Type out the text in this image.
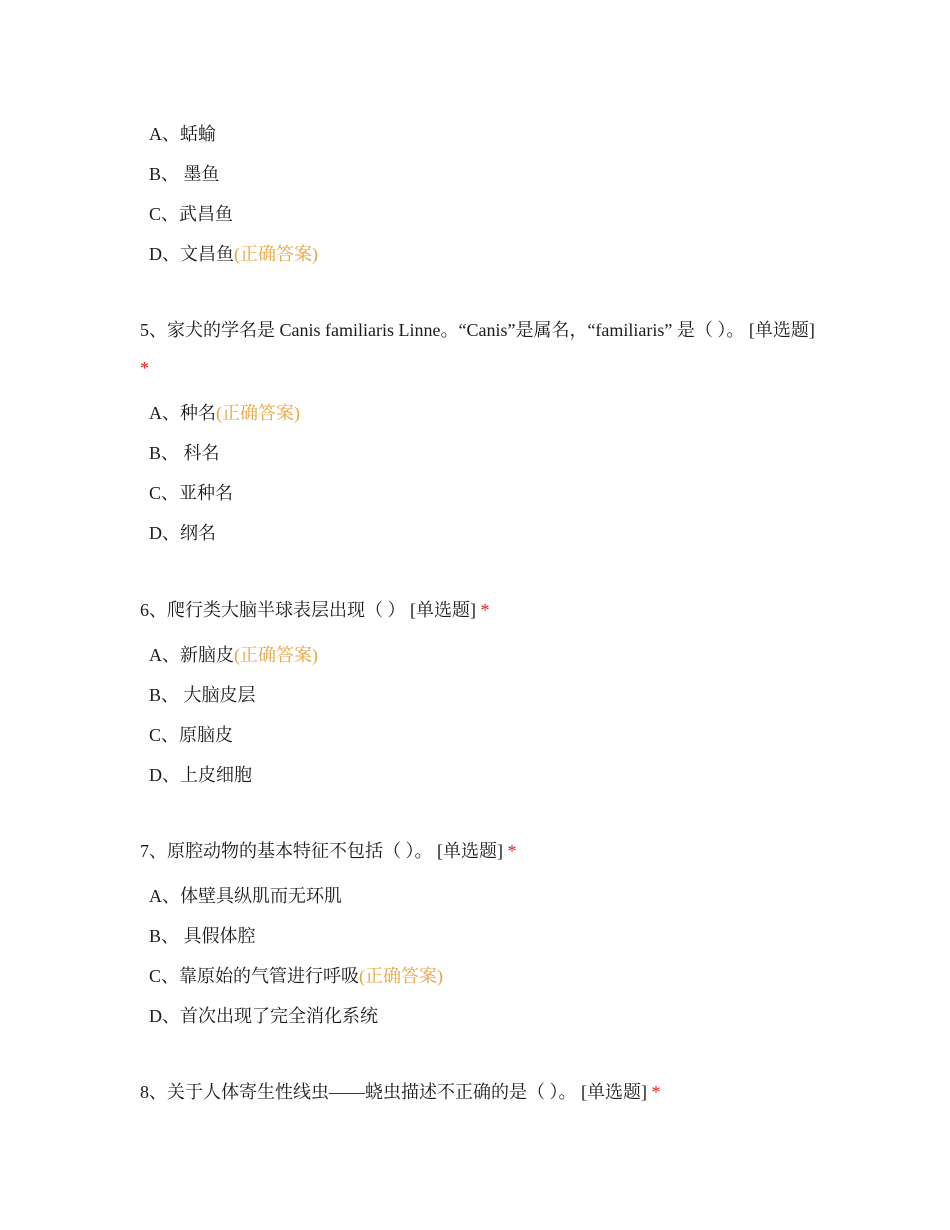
A、蛞蝓
B、 墨鱼
C、武昌鱼
D、文昌鱼(正确答案)
5、家犬的学名是 Canis familiaris Linne。“Canis”是属名，“familiaris” 是（ ）。 [单选题] *
A、种名(正确答案)
B、 科名
C、亚种名
D、纲名
6、爬行类大脑半球表层出现（ ） [单选题] *
A、新脑皮(正确答案)
B、 大脑皮层
C、原脑皮
D、上皮细胞
7、原腔动物的基本特征不包括（ ）。 [单选题] *
A、体壁具纵肌而无环肌
B、 具假体腔
C、靠原始的气管进行呼吸(正确答案)
D、首次出现了完全消化系统
8、关于人体寄生性线虫——蛲虫描述不正确的是（ ）。 [单选题] *
